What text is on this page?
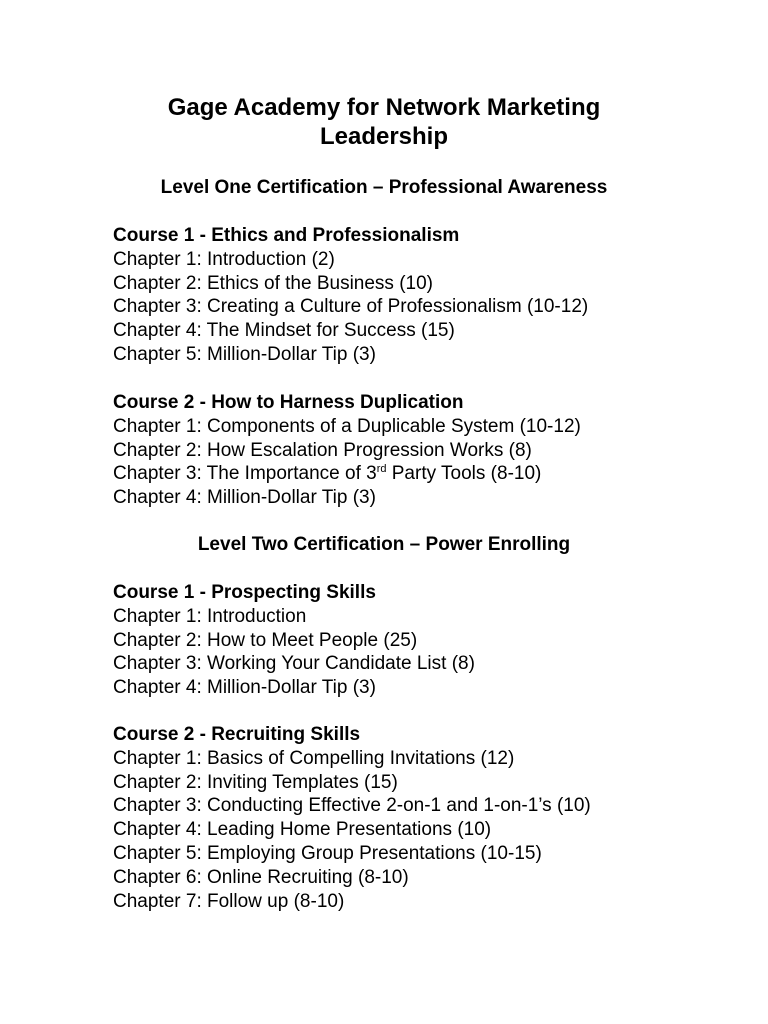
Gage Academy for Network Marketing
Leadership
Level One Certification – Professional Awareness
Course 1 - Ethics and Professionalism
Chapter 1: Introduction (2)
Chapter 2: Ethics of the Business (10)
Chapter 3: Creating a Culture of Professionalism (10-12)
Chapter 4: The Mindset for Success (15)
Chapter 5: Million-Dollar Tip (3)
Course 2 - How to Harness Duplication
Chapter 1: Components of a Duplicable System (10-12)
Chapter 2: How Escalation Progression Works (8)
Chapter 3: The Importance of 3rd Party Tools (8-10)
Chapter 4: Million-Dollar Tip (3)
Level Two Certification – Power Enrolling
Course 1 - Prospecting Skills
Chapter 1: Introduction
Chapter 2: How to Meet People (25)
Chapter 3: Working Your Candidate List (8)
Chapter 4: Million-Dollar Tip (3)
Course 2 - Recruiting Skills
Chapter 1: Basics of Compelling Invitations (12)
Chapter 2: Inviting Templates (15)
Chapter 3: Conducting Effective 2-on-1 and 1-on-1’s (10)
Chapter 4: Leading Home Presentations (10)
Chapter 5: Employing Group Presentations (10-15)
Chapter 6: Online Recruiting (8-10)
Chapter 7: Follow up (8-10)
